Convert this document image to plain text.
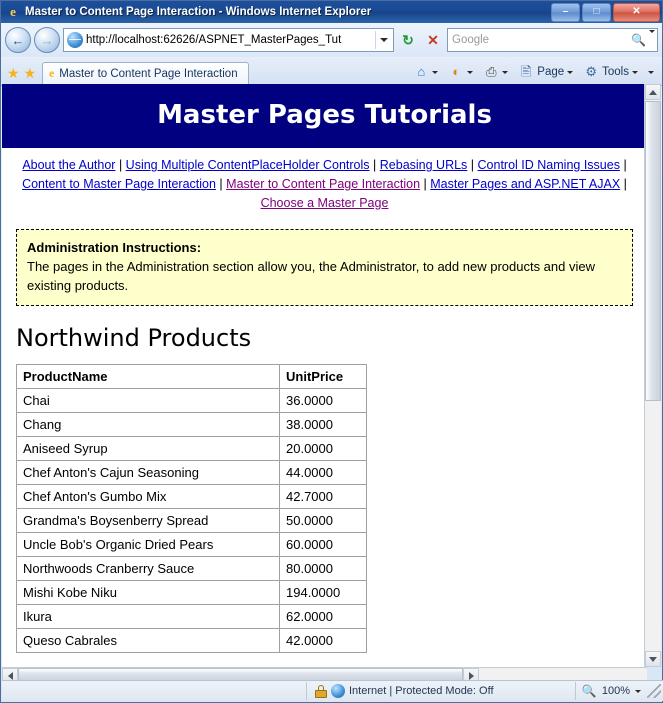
e Master to Content Page Interaction - Windows Internet Explorer	–	□	✕
←	→	http://localhost:62626/ASPNET_MasterPages_Tut	↻ ✕	Google	🔍
★ ★ e Master to Content Page Interaction	⌂	◐	⎙ 🖹 Page ⚙ Tools
Master Pages Tutorials
About the Author | Using Multiple ContentPlaceHolder Controls | Rebasing URLs | Control ID Naming Issues | Content to Master Page Interaction | Master to Content Page Interaction | Master Pages and ASP.NET AJAX | Choose a Master Page
Administration Instructions:
The pages in the Administration section allow you, the Administrator, to add new products and view existing products.
Northwind Products
ProductName	UnitPrice
Chai	36.0000
Chang	38.0000
Aniseed Syrup	20.0000
Chef Anton's Cajun Seasoning	44.0000
Chef Anton's Gumbo Mix	42.7000
Grandma's Boysenberry Spread	50.0000
Uncle Bob's Organic Dried Pears	60.0000
Northwoods Cranberry Sauce	80.0000
Mishi Kobe Niku	194.0000
Ikura	62.0000
Queso Cabrales	42.0000
Internet | Protected Mode: Off	🔍 100%
